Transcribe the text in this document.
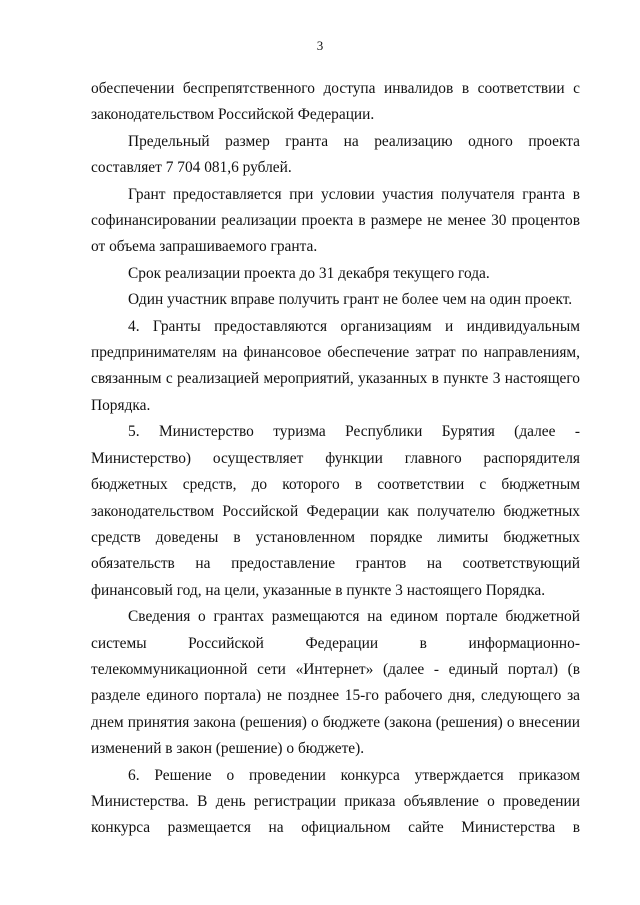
3

обеспечении беспрепятственного доступа инвалидов в соответствии с законодательством Российской Федерации.

Предельный размер гранта на реализацию одного проекта составляет 7 704 081,6 рублей.

Грант предоставляется при условии участия получателя гранта в софинансировании реализации проекта в размере не менее 30 процентов от объема запрашиваемого гранта.

Срок реализации проекта до 31 декабря текущего года.

Один участник вправе получить грант не более чем на один проект.

4. Гранты предоставляются организациям и индивидуальным предпринимателям на финансовое обеспечение затрат по направлениям, связанным с реализацией мероприятий, указанных в пункте 3 настоящего Порядка.

5. Министерство туризма Республики Бурятия (далее - Министерство) осуществляет функции главного распорядителя бюджетных средств, до которого в соответствии с бюджетным законодательством Российской Федерации как получателю бюджетных средств доведены в установленном порядке лимиты бюджетных обязательств на предоставление грантов на соответствующий финансовый год, на цели, указанные в пункте 3 настоящего Порядка.

Сведения о грантах размещаются на едином портале бюджетной системы Российской Федерации в информационно-телекоммуникационной сети «Интернет» (далее - единый портал) (в разделе единого портала) не позднее 15-го рабочего дня, следующего за днем принятия закона (решения) о бюджете (закона (решения) о внесении изменений в закон (решение) о бюджете).

6. Решение о проведении конкурса утверждается приказом Министерства. В день регистрации приказа объявление о проведении конкурса размещается на официальном сайте Министерства в
